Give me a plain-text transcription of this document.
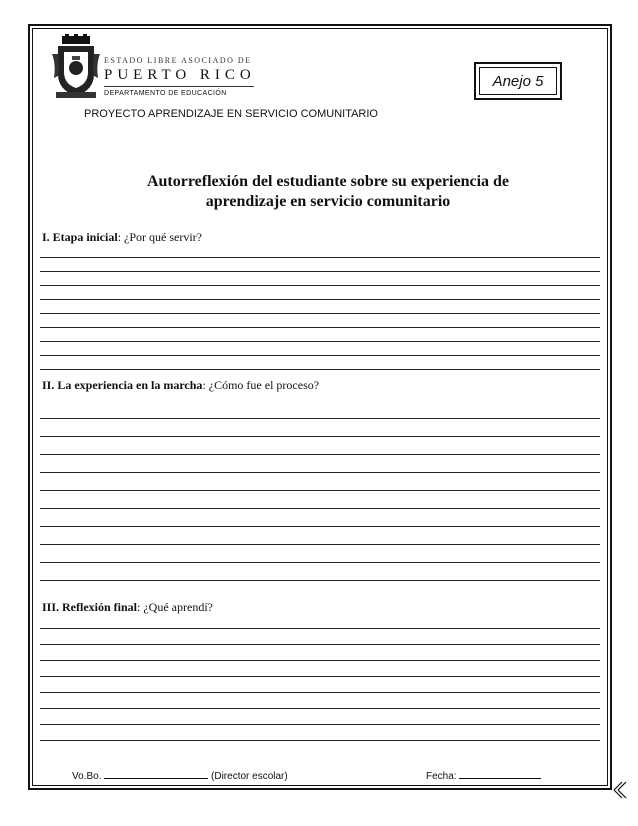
ESTADO LIBRE ASOCIADO DE
PUERTO RICO
DEPARTAMENTO DE EDUCACIÓN
PROYECTO APRENDIZAJE EN SERVICIO COMUNITARIO
Anejo 5
Autorreflexión del estudiante sobre su experiencia de
aprendizaje en servicio comunitario
I. Etapa inicial: ¿Por qué servir?
II. La experiencia en la marcha: ¿Cómo fue el proceso?
III. Reflexión final: ¿Qué aprendí?
Vo.Bo.	(Director escolar)	Fecha:
